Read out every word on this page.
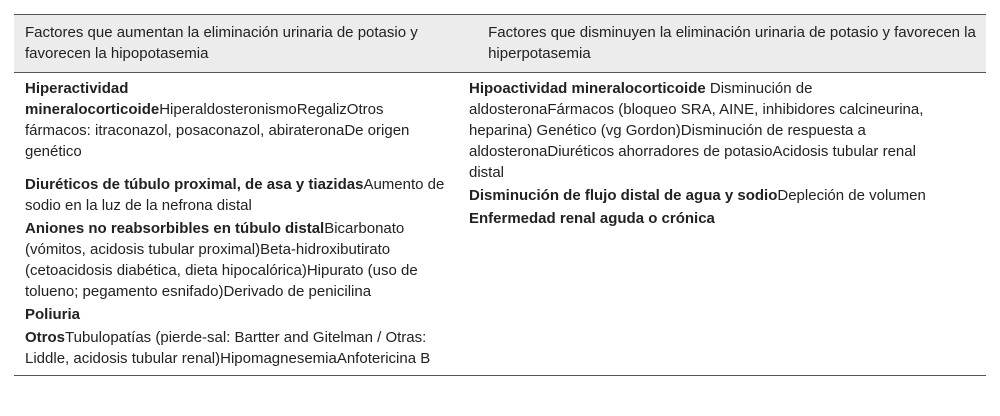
Factores que aumentan la eliminación urinaria de potasio y favorecen la hipopotasemia
Factores que disminuyen la eliminación urinaria de potasio y favorecen la hiperpotasemia
Hiperactividad mineralocorticoideHiperaldosteronismoRegalizOtros fármacos: itraconazol, posaconazol, abirateronaDe origen genético
Diuréticos de túbulo proximal, de asa y tiazidasAumento de sodio en la luz de la nefrona distal
Aniones no reabsorbibles en túbulo distalBicarbonato (vómitos, acidosis tubular proximal)Beta-hidroxibutirato (cetoacidosis diabética, dieta hipocalórica)Hipurato (uso de tolueno; pegamento esnifado)Derivado de penicilina
Poliuria
OtrosTubulopatías (pierde-sal: Bartter and Gitelman / Otras: Liddle, acidosis tubular renal)HipomagnesemiaAnfotericina B
Hipoactividad mineralocorticoide Disminución de aldosteronaFármacos (bloqueo SRA, AINE, inhibidores calcineurina, heparina) Genético (vg Gordon)Disminución de respuesta a aldosteronaDiuréticos ahorradores de potasioAcidosis tubular renal distal
Disminución de flujo distal de agua y sodioDepleción de volumen
Enfermedad renal aguda o crónica
